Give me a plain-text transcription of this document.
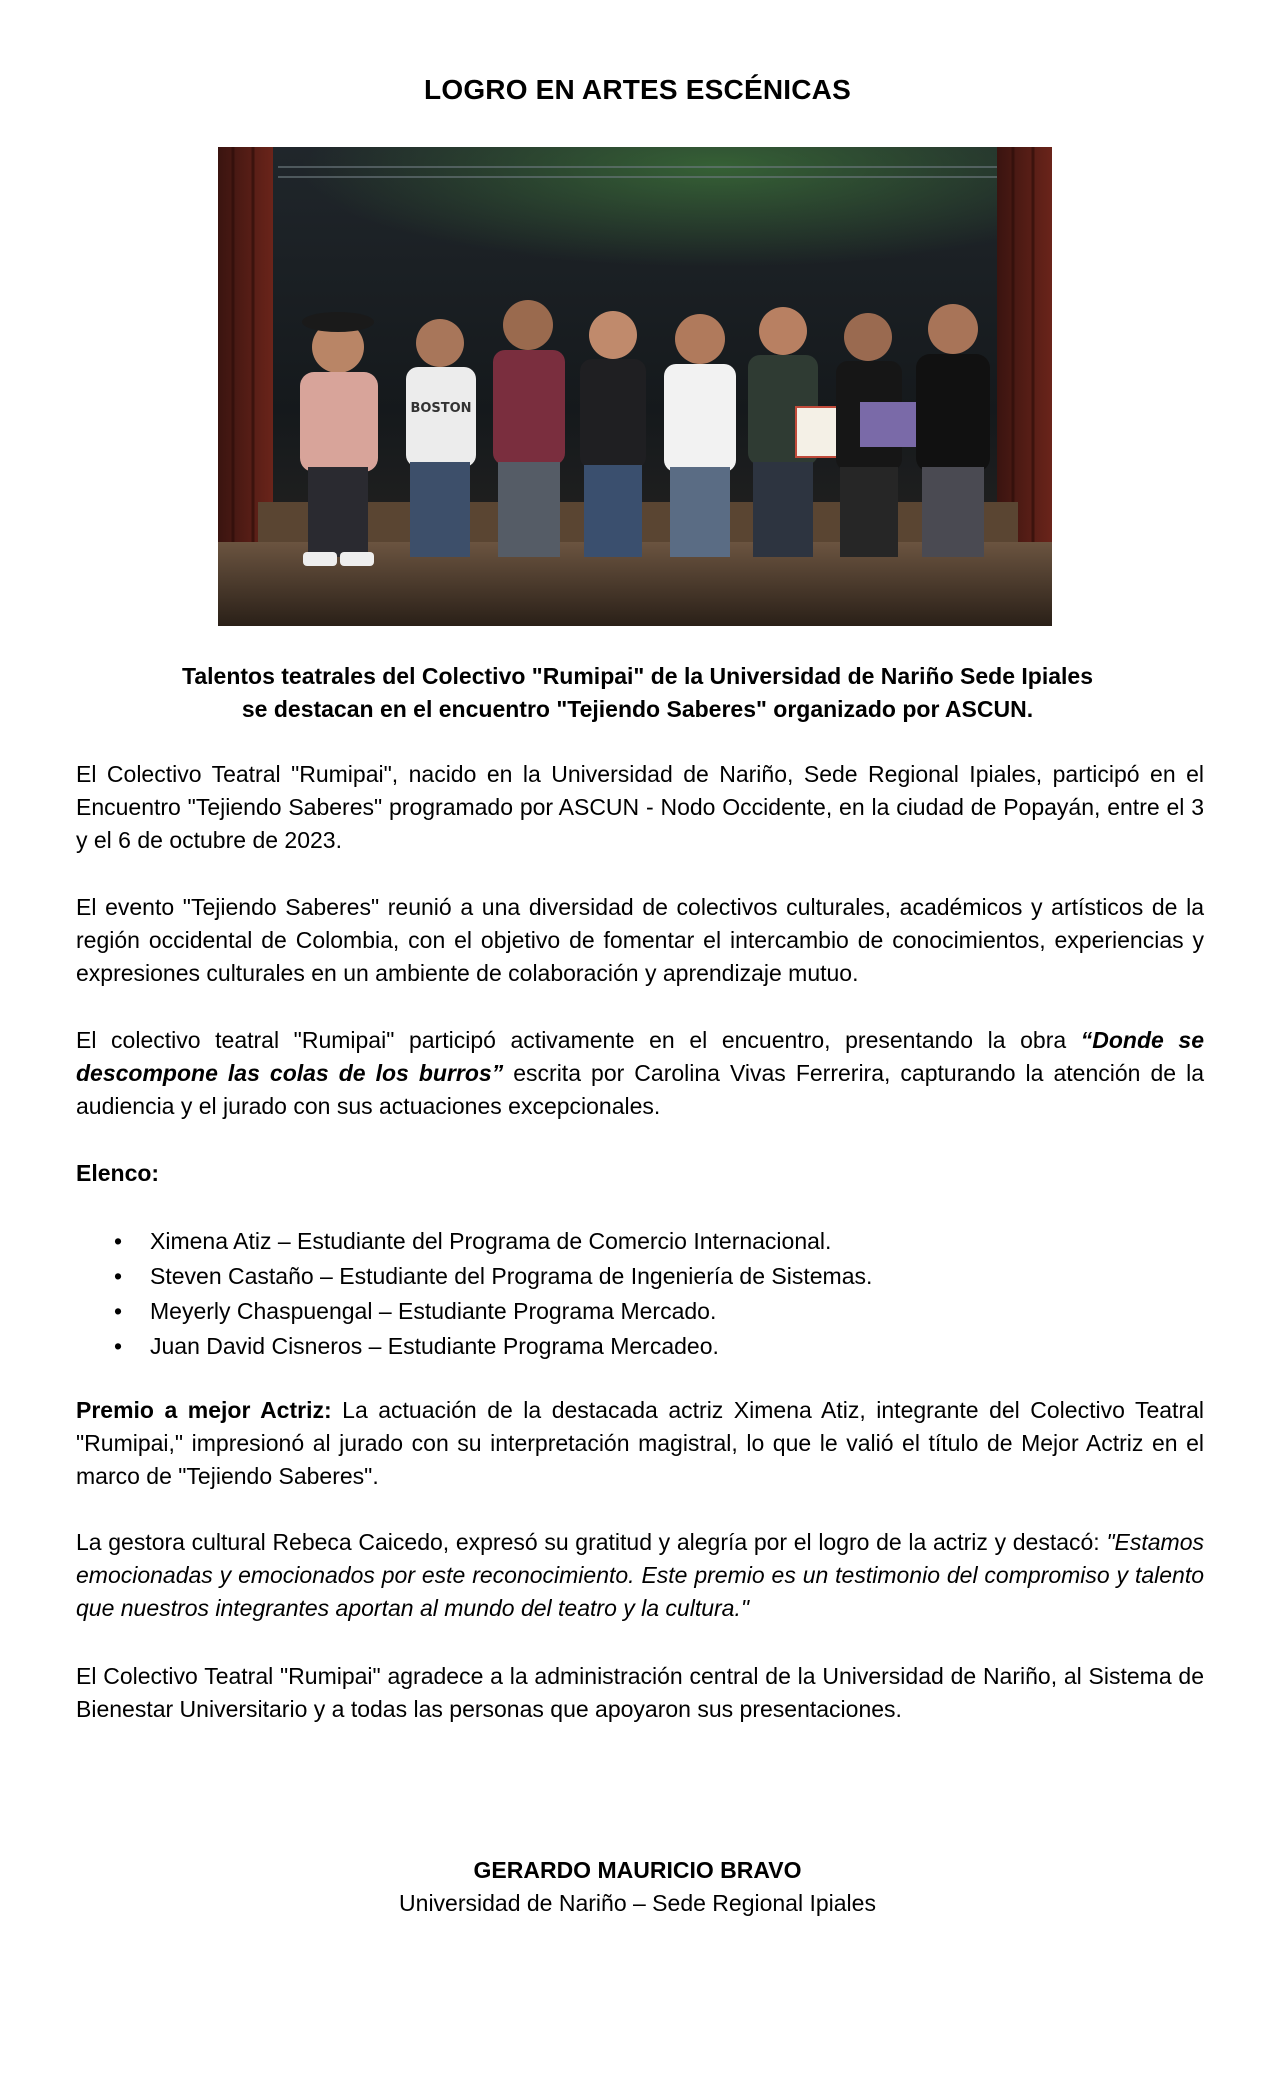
LOGRO EN ARTES ESCÉNICAS
BOSTON
Talentos teatrales del Colectivo "Rumipai" de la Universidad de Nariño Sede Ipiales
se destacan en el encuentro "Tejiendo Saberes" organizado por ASCUN.
El Colectivo Teatral "Rumipai", nacido en la Universidad de Nariño, Sede Regional Ipiales, participó en el Encuentro "Tejiendo Saberes" programado por ASCUN - Nodo Occidente, en la ciudad de Popayán, entre el 3 y el 6 de octubre de 2023.
El evento "Tejiendo Saberes" reunió a una diversidad de colectivos culturales, académicos y artísticos de la región occidental de Colombia, con el objetivo de fomentar el intercambio de conocimientos, experiencias y expresiones culturales en un ambiente de colaboración y aprendizaje mutuo.
El colectivo teatral "Rumipai" participó activamente en el encuentro, presentando la obra “Donde se descompone las colas de los burros” escrita por Carolina Vivas Ferrerira, capturando la atención de la audiencia y el jurado con sus actuaciones excepcionales.
Elenco:
• Ximena Atiz – Estudiante del Programa de Comercio Internacional.
• Steven Castaño – Estudiante del Programa de Ingeniería de Sistemas.
• Meyerly Chaspuengal – Estudiante Programa Mercado.
• Juan David Cisneros – Estudiante Programa Mercadeo.
Premio a mejor Actriz: La actuación de la destacada actriz Ximena Atiz, integrante del Colectivo Teatral "Rumipai," impresionó al jurado con su interpretación magistral, lo que le valió el título de Mejor Actriz en el marco de "Tejiendo Saberes".
La gestora cultural Rebeca Caicedo, expresó su gratitud y alegría por el logro de la actriz y destacó: "Estamos emocionadas y emocionados por este reconocimiento. Este premio es un testimonio del compromiso y talento que nuestros integrantes aportan al mundo del teatro y la cultura."
El Colectivo Teatral "Rumipai" agradece a la administración central de la Universidad de Nariño, al Sistema de Bienestar Universitario y a todas las personas que apoyaron sus presentaciones.
GERARDO MAURICIO BRAVO
Universidad de Nariño – Sede Regional Ipiales
